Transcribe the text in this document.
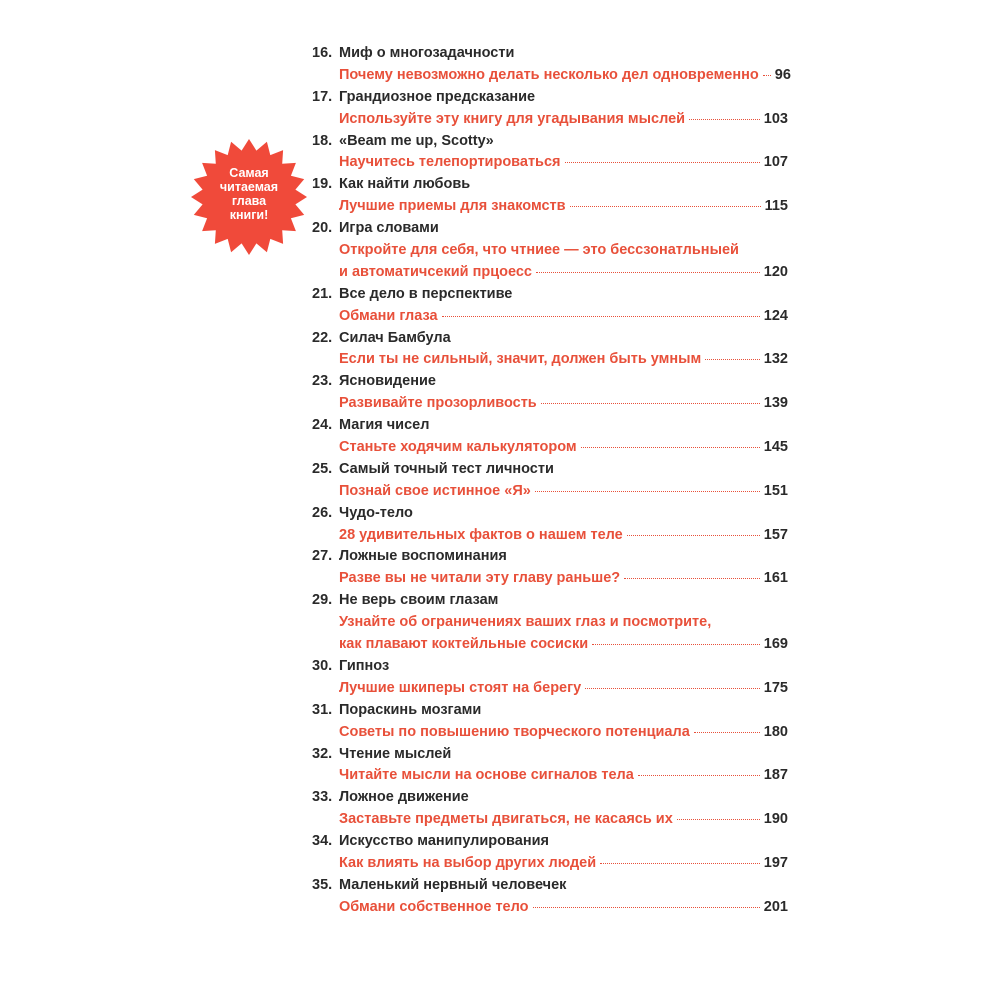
Самая
читаемая
глава
книги!
16. Миф о многозадачности
Почему невозможно делать несколько дел одновременно 96
17. Грандиозное предсказание
Используйте эту книгу для угадывания мыслей	103
18. «Beam me up, Scotty»
Научитесь телепортироваться	107
19. Как найти любовь
Лучшие приемы для знакомств	115
20. Игра словами
Откройте для себя, что чтниее — это бессзонатльныей
и автоматичсекий прцоесс	120
21. Все дело в перспективе
Обмани глаза	124
22. Силач Бамбула
Если ты не сильный, значит, должен быть умным	132
23. Ясновидение
Развивайте прозорливость	139
24. Магия чисел
Станьте ходячим калькулятором	145
25. Самый точный тест личности
Познай свое истинное «Я»	151
26. Чудо-тело
28 удивительных фактов о нашем теле	157
27. Ложные воспоминания
Разве вы не читали эту главу раньше?	161
29. Не верь своим глазам
Узнайте об ограничениях ваших глаз и посмотрите,
как плавают коктейльные сосиски	169
30. Гипноз
Лучшие шкиперы стоят на берегу	175
31. Пораскинь мозгами
Советы по повышению творческого потенциала	180
32. Чтение мыслей
Читайте мысли на основе сигналов тела	187
33. Ложное движение
Заставьте предметы двигаться, не касаясь их	190
34. Искусство манипулирования
Как влиять на выбор других людей	197
35. Маленький нервный человечек
Обмани собственное тело	201
